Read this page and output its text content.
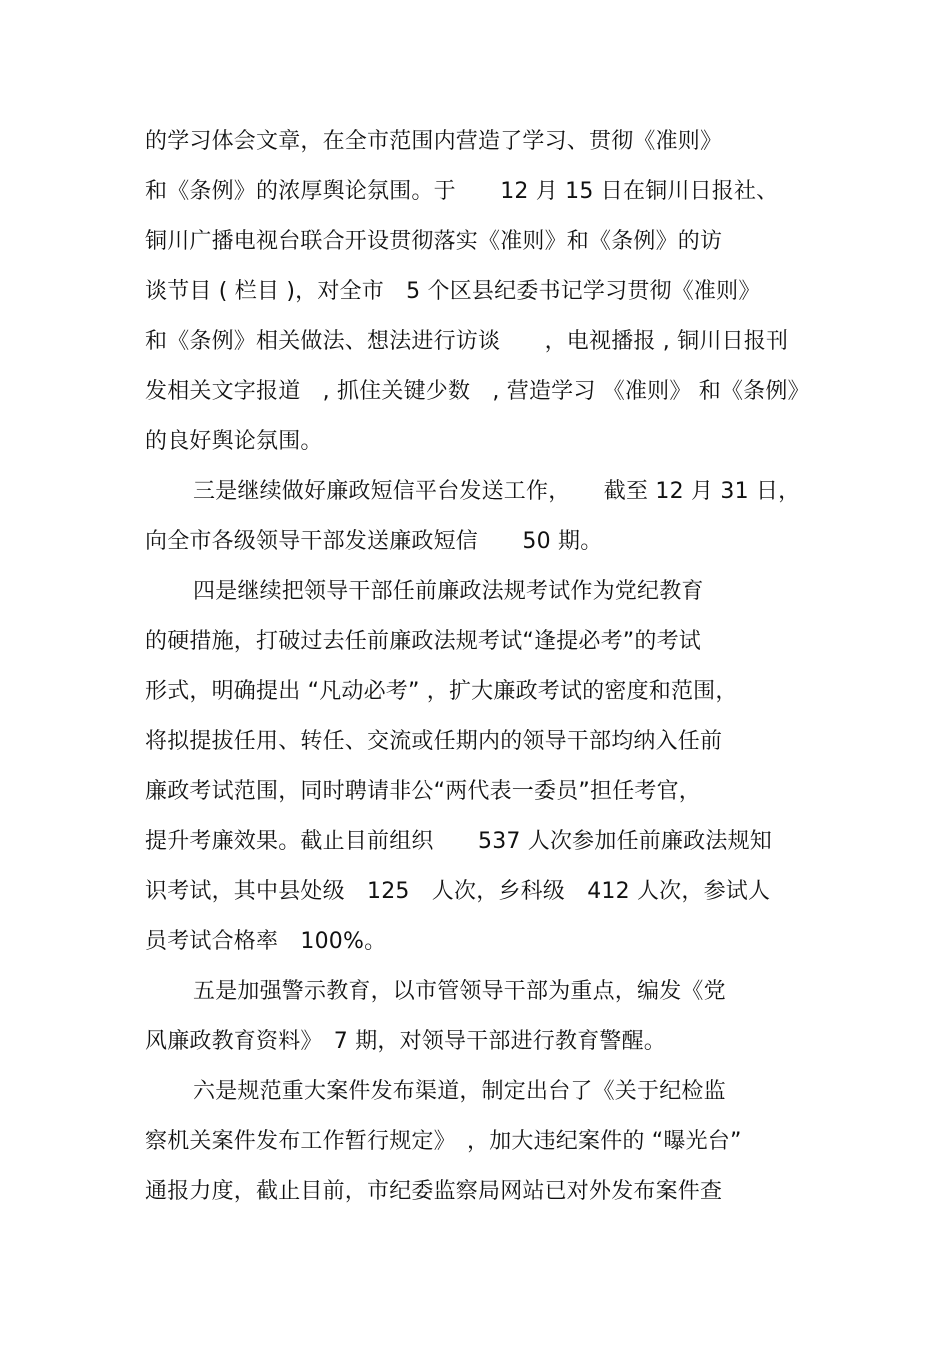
的学习体会文章，在全市范围内营造了学习、贯彻《准则》
和《条例》的浓厚舆论氛围。于　　12 月 15 日在铜川日报社、
铜川广播电视台联合开设贯彻落实《准则》和《条例》的访
谈节目 ( 栏目 )，对全市　5 个区县纪委书记学习贯彻《准则》
和《条例》相关做法、想法进行访谈　　，电视播报 , 铜川日报刊
发相关文字报道　, 抓住关键少数　, 营造学习 《准则》 和《条例》
的良好舆论氛围。
三是继续做好廉政短信平台发送工作，　　截至 12 月 31 日，
向全市各级领导干部发送廉政短信　　50 期。
四是继续把领导干部任前廉政法规考试作为党纪教育
的硬措施，打破过去任前廉政法规考试“逢提必考”的考试
形式，明确提出 “凡动必考” ，扩大廉政考试的密度和范围，
将拟提拔任用、转任、交流或任期内的领导干部均纳入任前
廉政考试范围，同时聘请非公“两代表一委员”担任考官，
提升考廉效果。截止目前组织　　537 人次参加任前廉政法规知
识考试，其中县处级　125　人次，乡科级　412 人次，参试人
员考试合格率　100%。
五是加强警示教育，以市管领导干部为重点，编发《党
风廉政教育资料》　7 期，对领导干部进行教育警醒。
六是规范重大案件发布渠道，制定出台了《关于纪检监
察机关案件发布工作暂行规定》　，加大违纪案件的 “曝光台”
通报力度，截止目前，市纪委监察局网站已对外发布案件查
